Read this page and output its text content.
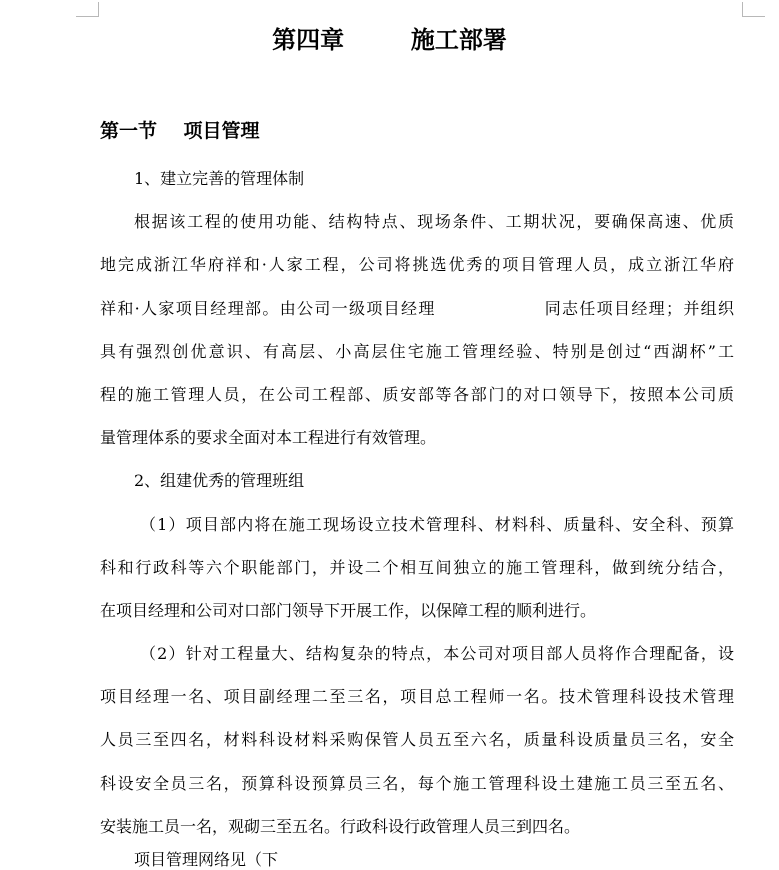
第四章        施工部署
第一节    项目管理
1、建立完善的管理体制
根据该工程的使用功能、结构特点、现场条件、工期状况，要确保高速、优质
地完成浙江华府祥和·人家工程，公司将挑选优秀的项目管理人员，成立浙江华府
祥和·人家项目经理部。由公司一级项目经理                 同志任项目经理；并组织
具有强烈创优意识、有高层、小高层住宅施工管理经验、特别是创过“西湖杯”工
程的施工管理人员，在公司工程部、质安部等各部门的对口领导下，按照本公司质
量管理体系的要求全面对本工程进行有效管理。
2、组建优秀的管理班组
（1）项目部内将在施工现场设立技术管理科、材料科、质量科、安全科、预算
科和行政科等六个职能部门，并设二个相互间独立的施工管理科，做到统分结合，
在项目经理和公司对口部门领导下开展工作，以保障工程的顺利进行。
（2）针对工程量大、结构复杂的特点，本公司对项目部人员将作合理配备，设
项目经理一名、项目副经理二至三名，项目总工程师一名。技术管理科设技术管理
人员三至四名，材料科设材料采购保管人员五至六名，质量科设质量员三名，安全
科设安全员三名，预算科设预算员三名，每个施工管理科设土建施工员三至五名、
安装施工员一名，观砌三至五名。行政科设行政管理人员三到四名。
项目管理网络见（下
